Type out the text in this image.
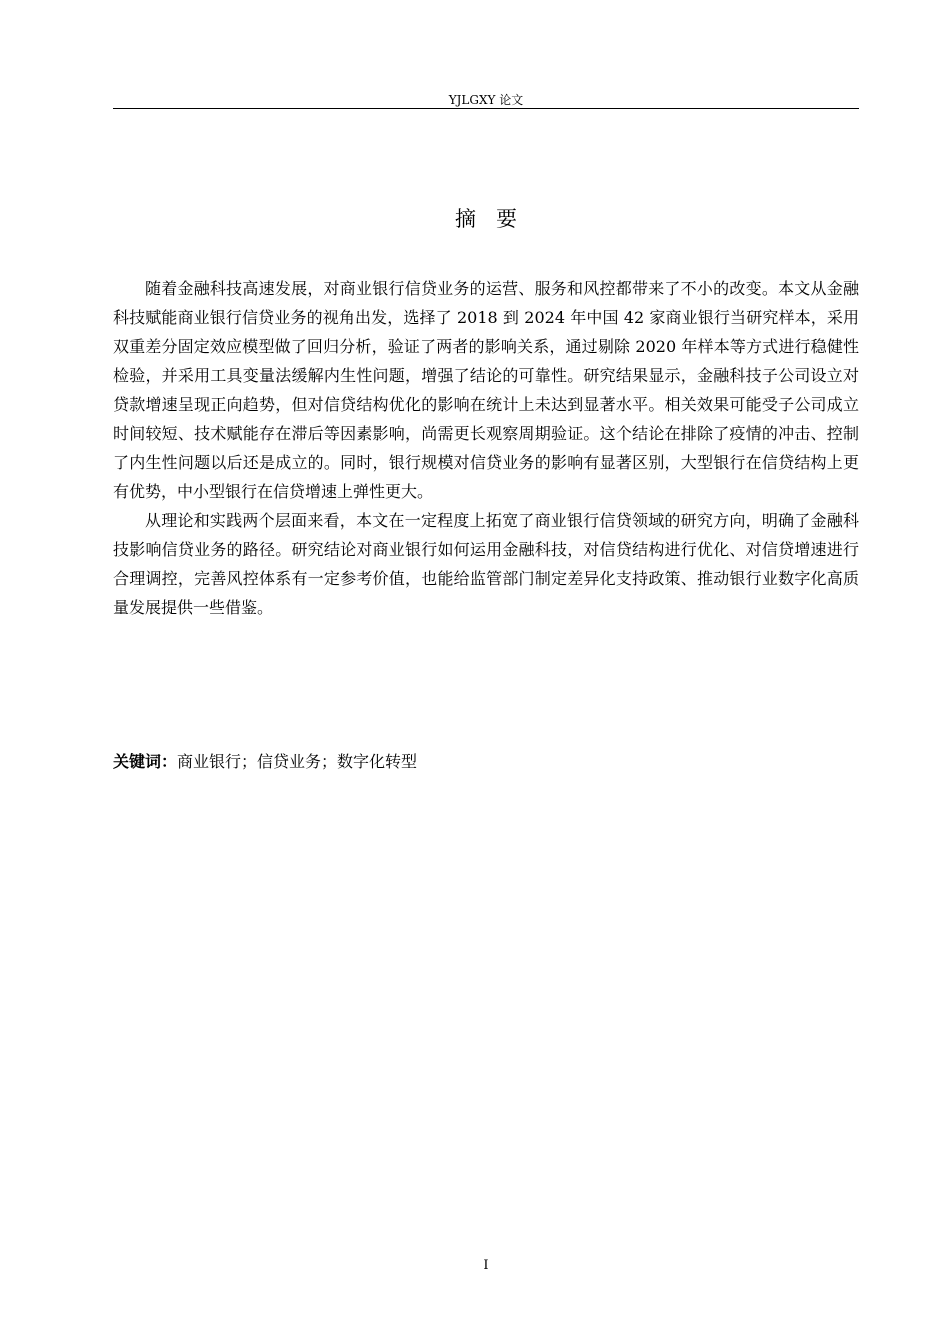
YJLGXY 论文
摘要

随着金融科技高速发展，对商业银行信贷业务的运营、服务和风控都带来了不小的改变。本文从金融科技赋能商业银行信贷业务的视角出发，选择了 2018 到 2024 年中国 42 家商业银行当研究样本，采用双重差分固定效应模型做了回归分析，验证了两者的影响关系，通过剔除 2020 年样本等方式进行稳健性检验，并采用工具变量法缓解内生性问题，增强了结论的可靠性。研究结果显示，金融科技子公司设立对贷款增速呈现正向趋势，但对信贷结构优化的影响在统计上未达到显著水平。相关效果可能受子公司成立时间较短、技术赋能存在滞后等因素影响，尚需更长观察周期验证。这个结论在排除了疫情的冲击、控制了内生性问题以后还是成立的。同时，银行规模对信贷业务的影响有显著区别，大型银行在信贷结构上更有优势，中小型银行在信贷增速上弹性更大。

从理论和实践两个层面来看，本文在一定程度上拓宽了商业银行信贷领域的研究方向，明确了金融科技影响信贷业务的路径。研究结论对商业银行如何运用金融科技，对信贷结构进行优化、对信贷增速进行合理调控，完善风控体系有一定参考价值，也能给监管部门制定差异化支持政策、推动银行业数字化高质量发展提供一些借鉴。

关键词：商业银行；信贷业务；数字化转型
I
